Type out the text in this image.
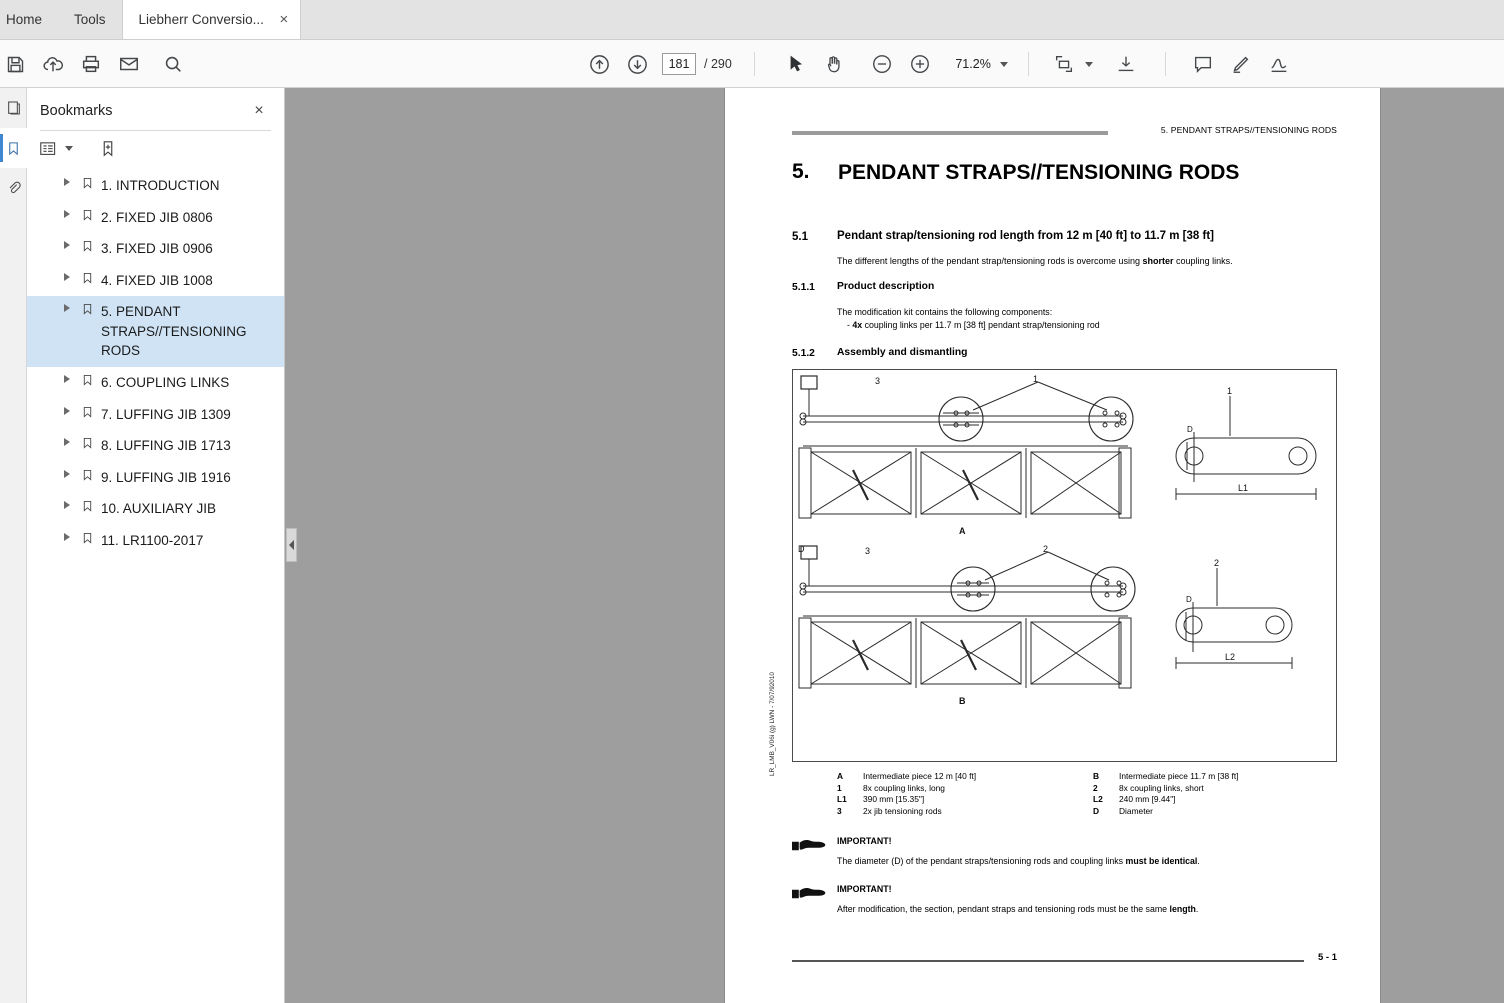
Home Tools Liebherr Conversio... ×
181	/ 290	71.2%
Bookmarks	×
1. INTRODUCTION
2. FIXED JIB 0806
3. FIXED JIB 0906
4. FIXED JIB 1008
5. PENDANT STRAPS//TENSIONING RODS
6. COUPLING LINKS
7. LUFFING JIB 1309
8. LUFFING JIB 1713
9. LUFFING JIB 1916
10. AUXILIARY JIB
11. LR1100-2017
5. PENDANT STRAPS//TENSIONING RODS
5. PENDANT STRAPS//TENSIONING RODS
5.1	Pendant strap/tensioning rod length from 12 m [40 ft] to 11.7 m [38 ft]
The different lengths of the pendant strap/tensioning rods is overcome using shorter coupling links.
5.1.1 Product description
The modification kit contains the following components:
- 4x coupling links per 11.7 m [38 ft] pendant strap/tensioning rod
5.1.2 Assembly and dismantling
3	1
A
D	3	2
B
1
D
L1
2
D
L2
LR_LMB_V06i (g) LWN - 7/07/92010	A	Intermediate piece 12 m [40 ft]	B	Intermediate piece 11.7 m [38 ft]
1	8x coupling links, long	2	8x coupling links, short
L1	390 mm [15.35"]	L2	240 mm [9.44"]
3	2x jib tensioning rods	D	Diameter
IMPORTANT!
The diameter (D) of the pendant straps/tensioning rods and coupling links must be identical.
IMPORTANT!
After modification, the section, pendant straps and tensioning rods must be the same length.
5 - 1
